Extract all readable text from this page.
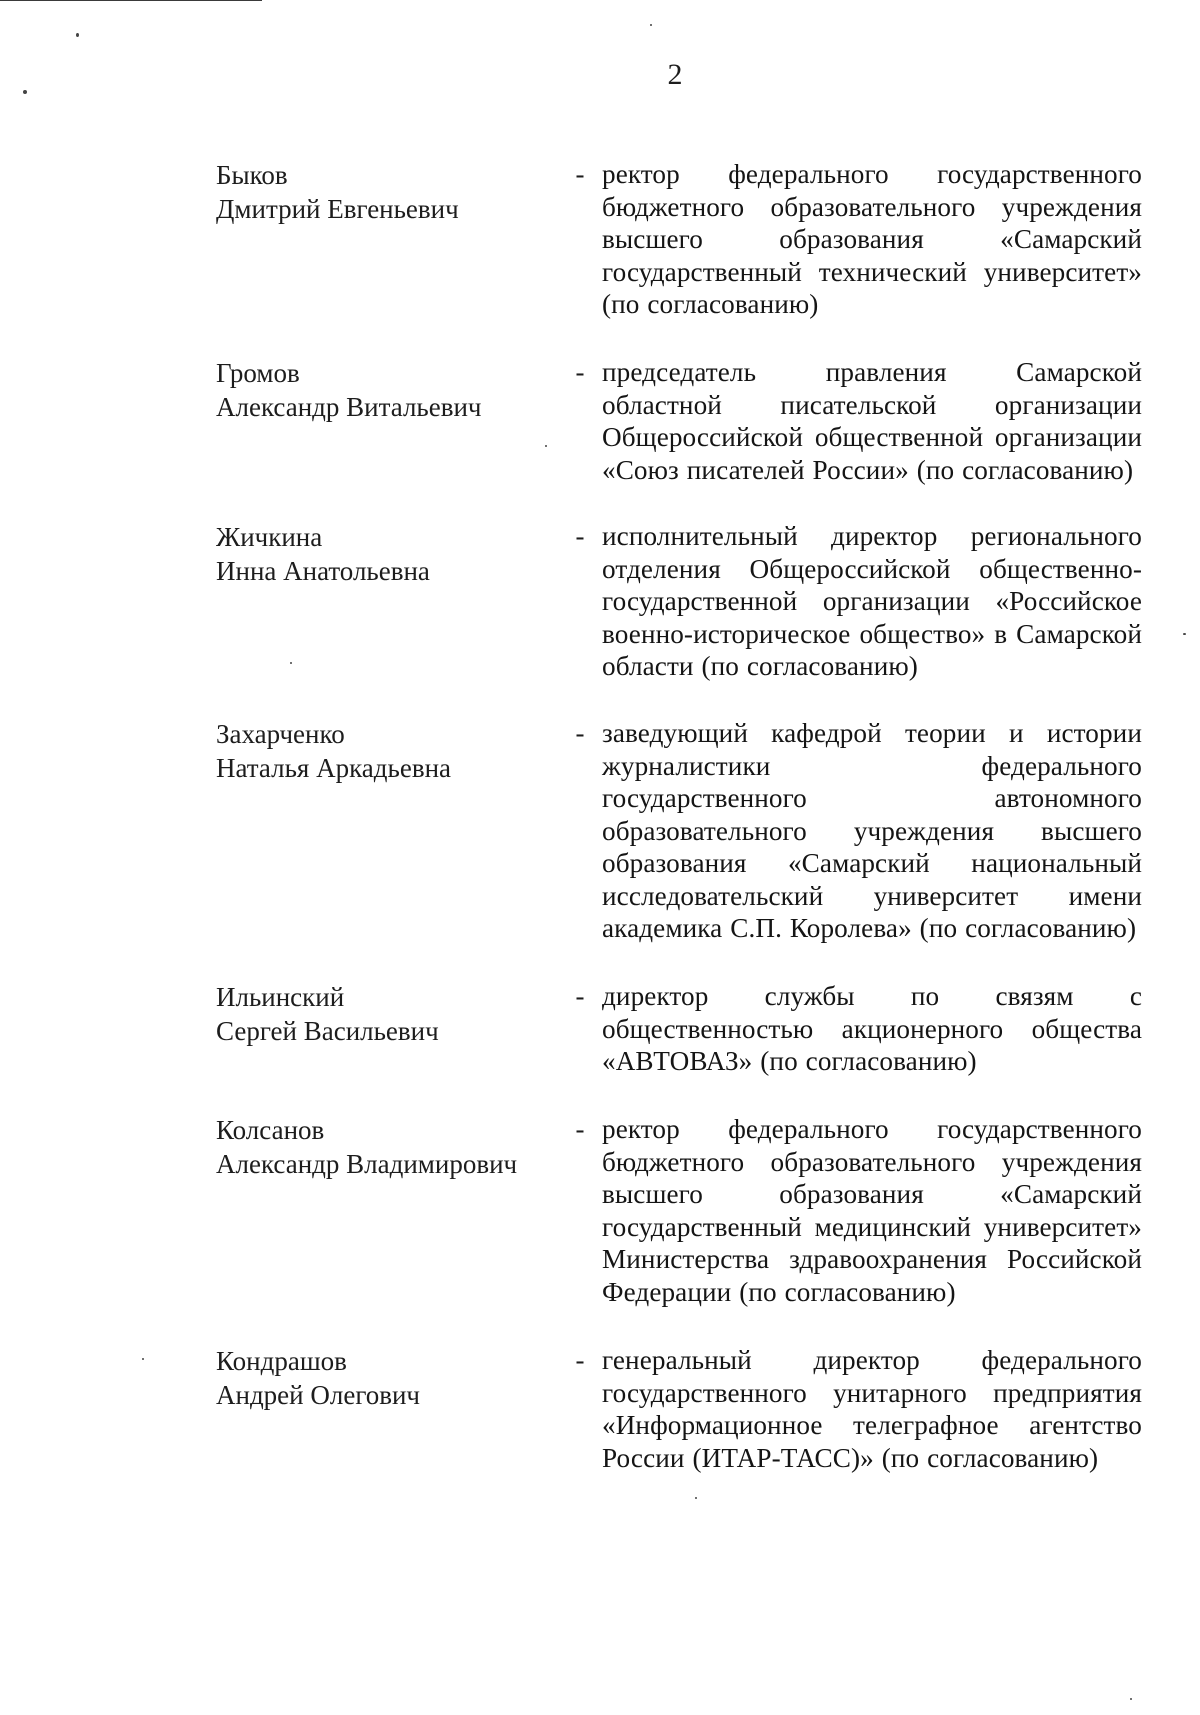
2
Быков
Дмитрий Евгеньевич
- ректор федерального государственного бюджетного образовательного учреждения высшего образования «Самарский государственный технический университет» (по согласованию)
Громов
Александр Витальевич
- председатель правления Самарской областной писательской организации Общероссийской общественной организации «Союз писателей России» (по согласованию)
Жичкина
Инна Анатольевна
- исполнительный директор регионального отделения Общероссийской общественно-государственной организации «Российское военно-историческое общество» в Самарской области (по согласованию)
Захарченко
Наталья Аркадьевна
- заведующий кафедрой теории и истории журналистики федерального государственного автономного образовательного учреждения высшего образования «Самарский национальный исследовательский университет имени академика С.П. Королева» (по согласованию)
Ильинский
Сергей Васильевич
- директор службы по связям с общественностью акционерного общества «АВТОВАЗ» (по согласованию)
Колсанов
Александр Владимирович
- ректор федерального государственного бюджетного образовательного учреждения высшего образования «Самарский государственный медицинский университет» Министерства здравоохранения Российской Федерации (по согласованию)
Кондрашов
Андрей Олегович
- генеральный директор федерального государственного унитарного предприятия «Информационное телеграфное агентство России (ИТАР-ТАСС)» (по согласованию)
